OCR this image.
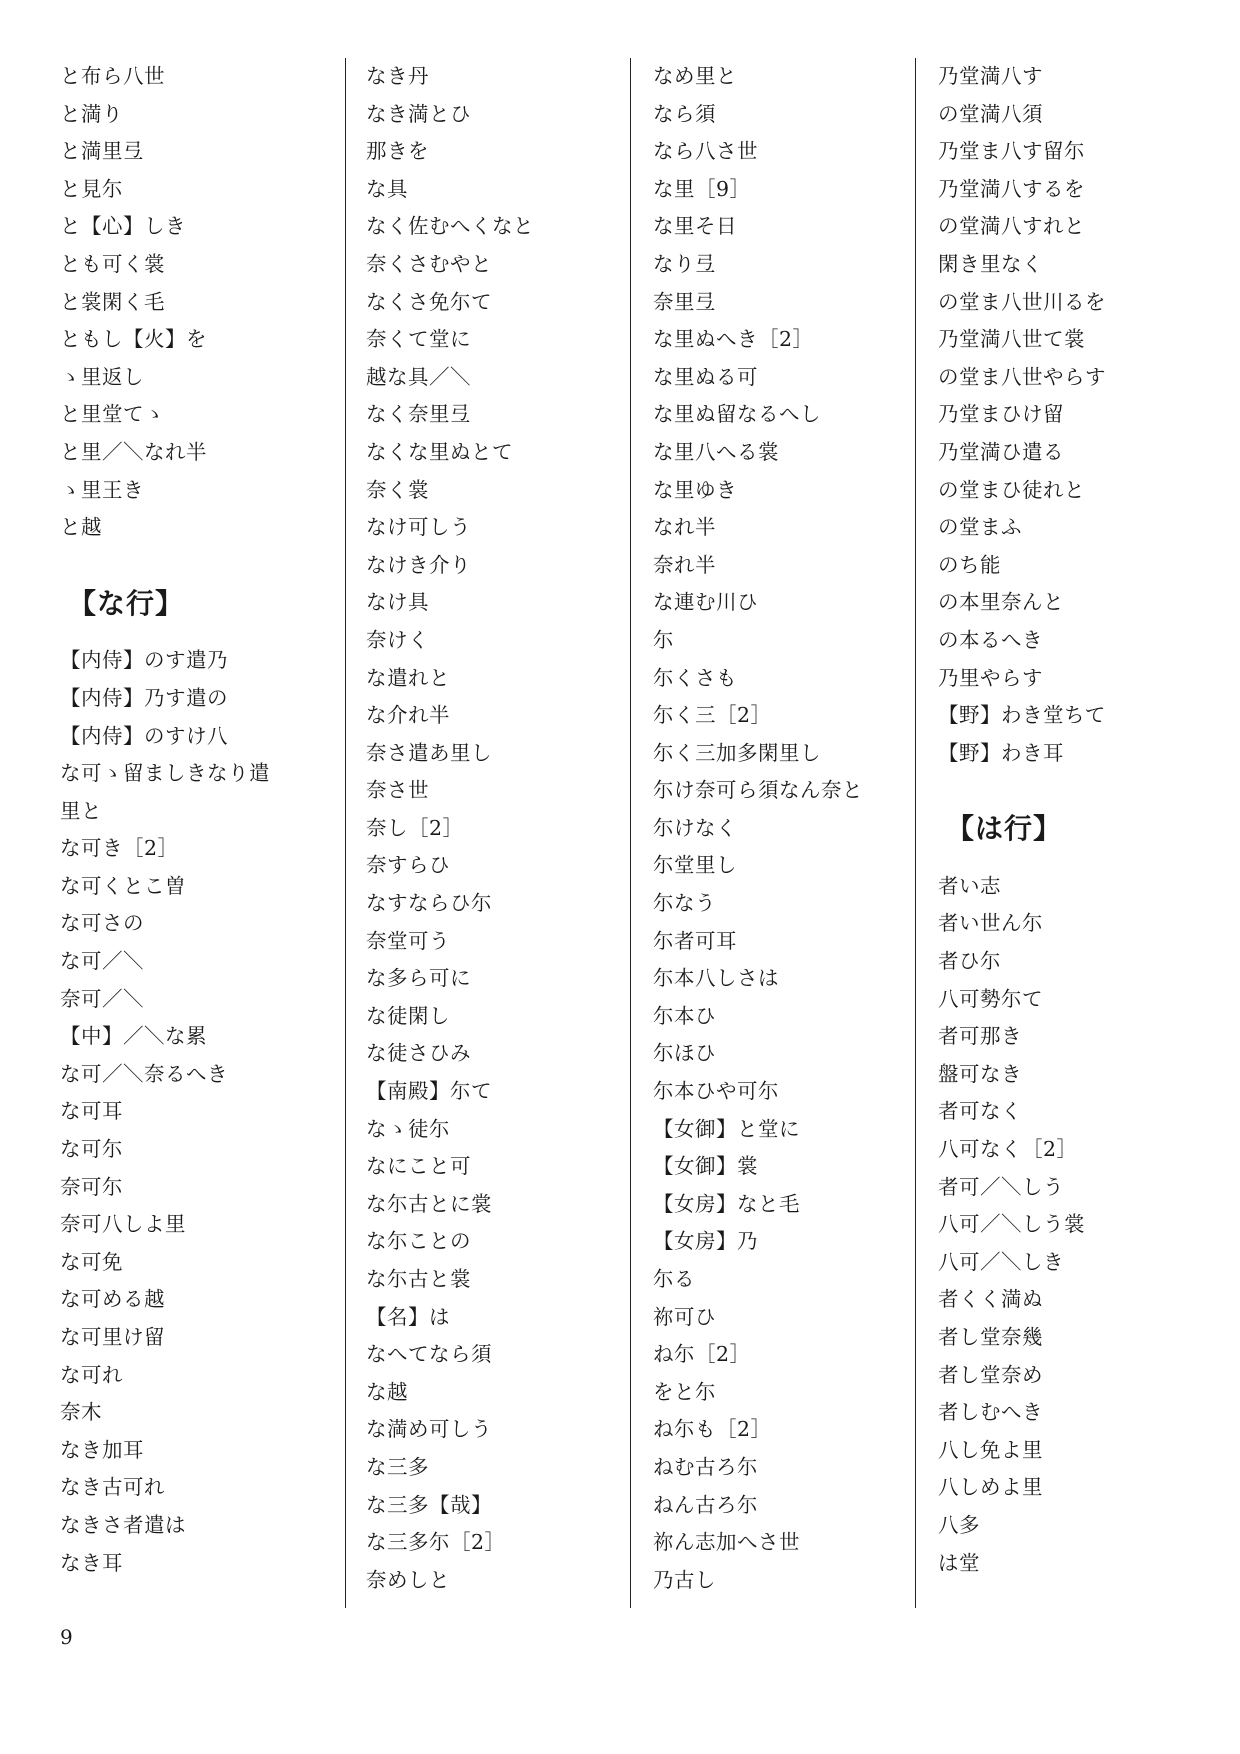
と布ら八世
と満り
と満里弖
と見尓
と【心】しき
とも可く裳
と裳閑く毛
ともし【火】を
ゝ里返し
と里堂てゝ
と里／＼なれ半
ゝ里王き
と越
【な行】
【内侍】のす遣乃
【内侍】乃す遣の
【内侍】のすけ八
な可ゝ留ましきなり遣
里と
な可き［2］
な可くとこ曽
な可さの
な可／＼
奈可／＼
【中】／＼な累
な可／＼奈るへき
な可耳
な可尓
奈可尓
奈可八しよ里
な可免
な可める越
な可里け留
な可れ
奈木
なき加耳
なき古可れ
なきさ者遣は
なき耳
なき丹
なき満とひ
那きを
な具
なく佐むへくなと
奈くさむやと
なくさ免尓て
奈くて堂に
越な具／＼
なく奈里弖
なくな里ぬとて
奈く裳
なけ可しう
なけき介り
なけ具
奈けく
な遣れと
な介れ半
奈さ遣あ里し
奈さ世
奈し［2］
奈すらひ
なすならひ尓
奈堂可う
な多ら可に
な徒閑し
な徒さひみ
【南殿】尓て
なゝ徒尓
なにこと可
な尓古とに裳
な尓ことの
な尓古と裳
【名】は
なへてなら須
な越
な満め可しう
な三多
な三多【哉】
な三多尓［2］
奈めしと
なめ里と
なら須
なら八さ世
な里［9］
な里そ日
なり弖
奈里弖
な里ぬへき［2］
な里ぬる可
な里ぬ留なるへし
な里八へる裳
な里ゆき
なれ半
奈れ半
な連む川ひ
尓
尓くさも
尓く三［2］
尓く三加多閑里し
尓け奈可ら須なん奈と
尓けなく
尓堂里し
尓なう
尓者可耳
尓本八しさは
尓本ひ
尓ほひ
尓本ひや可尓
【女御】と堂に
【女御】裳
【女房】なと毛
【女房】乃
尓る
祢可ひ
ね尓［2］
をと尓
ね尓も［2］
ねむ古ろ尓
ねん古ろ尓
祢ん志加へさ世
乃古し
乃堂満八す
の堂満八須
乃堂ま八す留尓
乃堂満八するを
の堂満八すれと
閑き里なく
の堂ま八世川るを
乃堂満八世て裳
の堂ま八世やらす
乃堂まひけ留
乃堂満ひ遣る
の堂まひ徒れと
の堂まふ
のち能
の本里奈んと
の本るへき
乃里やらす
【野】わき堂ちて
【野】わき耳
【は行】
者い志
者い世ん尓
者ひ尓
八可勢尓て
者可那き
盤可なき
者可なく
八可なく［2］
者可／＼しう
八可／＼しう裳
八可／＼しき
者くく満ぬ
者し堂奈幾
者し堂奈め
者しむへき
八し免よ里
八しめよ里
八多
は堂
9
